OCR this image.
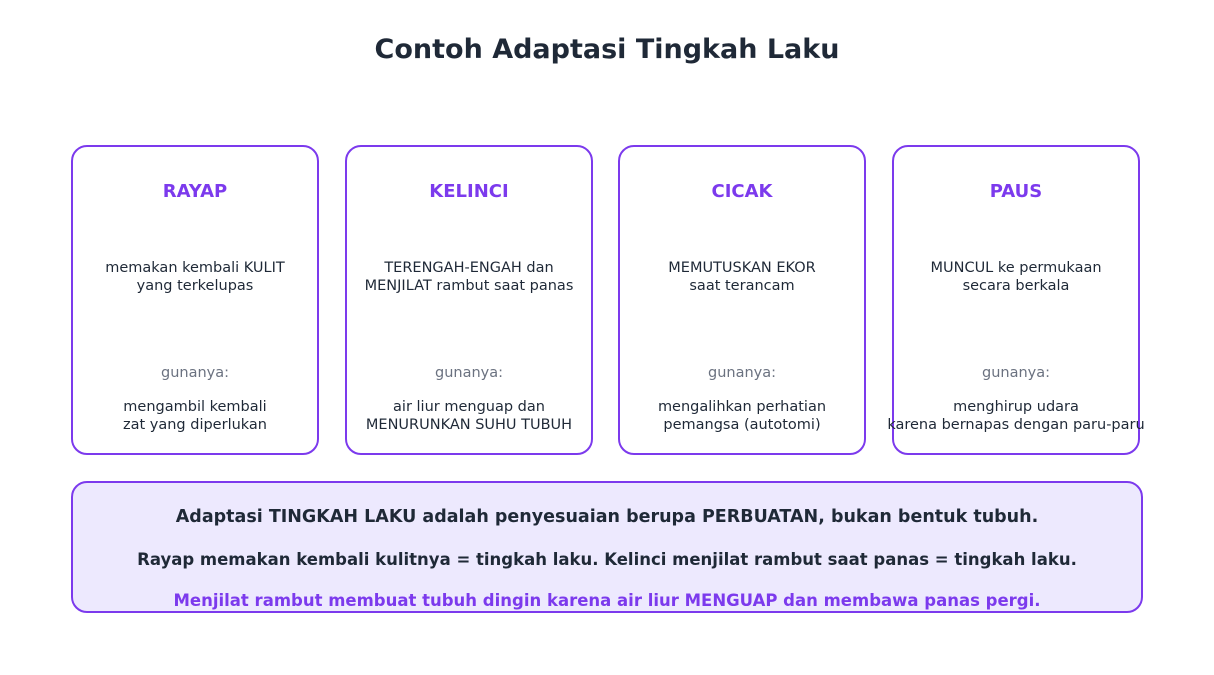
Contoh Adaptasi Tingkah Laku
RAYAP
memakan kembali KULIT
yang terkelupas
gunanya:
mengambil kembali
zat yang diperlukan
KELINCI
TERENGAH-ENGAH dan
MENJILAT rambut saat panas
gunanya:
air liur menguap dan
MENURUNKAN SUHU TUBUH
CICAK
MEMUTUSKAN EKOR
saat terancam
gunanya:
mengalihkan perhatian
pemangsa (autotomi)
PAUS
MUNCUL ke permukaan
secara berkala
gunanya:
menghirup udara
karena bernapas dengan paru-paru
Adaptasi TINGKAH LAKU adalah penyesuaian berupa PERBUATAN, bukan bentuk tubuh.
Rayap memakan kembali kulitnya = tingkah laku. Kelinci menjilat rambut saat panas = tingkah laku.
Menjilat rambut membuat tubuh dingin karena air liur MENGUAP dan membawa panas pergi.
